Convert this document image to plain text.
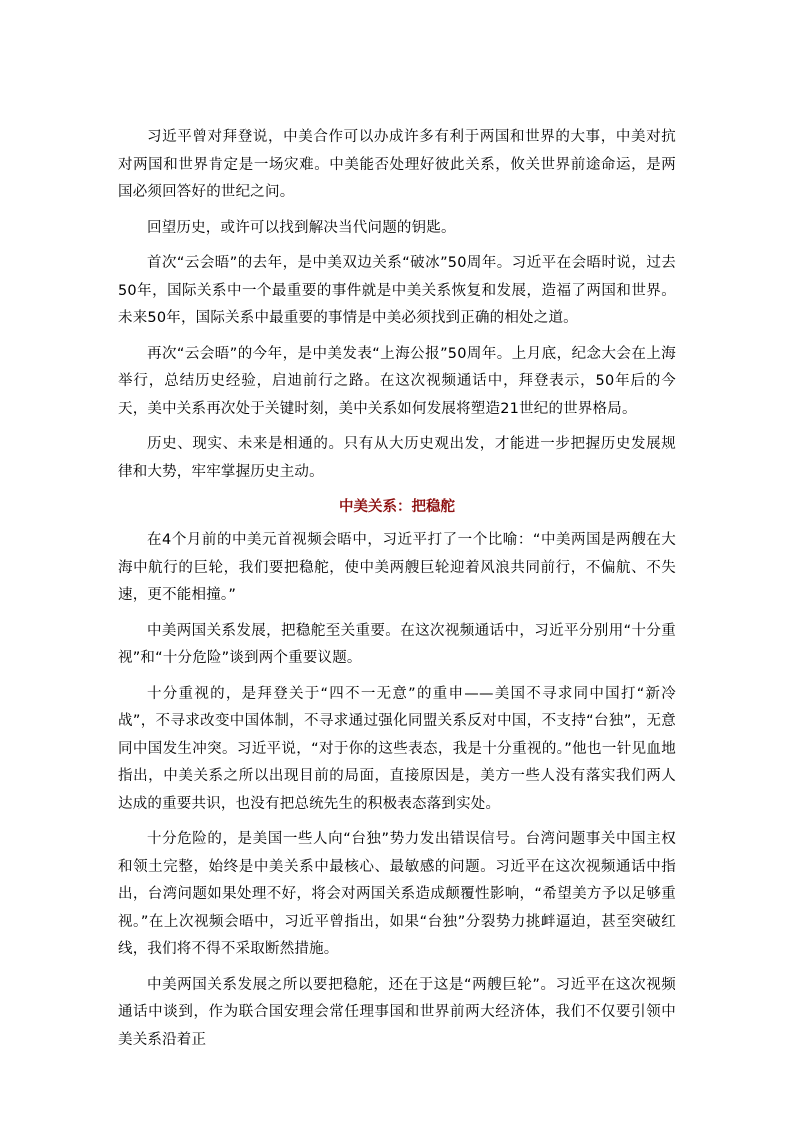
习近平曾对拜登说，中美合作可以办成许多有利于两国和世界的大事，中美对抗对两国和世界肯定是一场灾难。中美能否处理好彼此关系，攸关世界前途命运，是两国必须回答好的世纪之问。

回望历史，或许可以找到解决当代问题的钥匙。

首次“云会晤”的去年，是中美双边关系“破冰”50周年。习近平在会晤时说，过去50年，国际关系中一个最重要的事件就是中美关系恢复和发展，造福了两国和世界。未来50年，国际关系中最重要的事情是中美必须找到正确的相处之道。

再次“云会晤”的今年，是中美发表“上海公报”50周年。上月底，纪念大会在上海举行，总结历史经验，启迪前行之路。在这次视频通话中，拜登表示，50年后的今天，美中关系再次处于关键时刻，美中关系如何发展将塑造21世纪的世界格局。

历史、现实、未来是相通的。只有从大历史观出发，才能进一步把握历史发展规律和大势，牢牢掌握历史主动。

中美关系：把稳舵

在4个月前的中美元首视频会晤中，习近平打了一个比喻：“中美两国是两艘在大海中航行的巨轮，我们要把稳舵，使中美两艘巨轮迎着风浪共同前行，不偏航、不失速，更不能相撞。”

中美两国关系发展，把稳舵至关重要。在这次视频通话中，习近平分别用“十分重视”和“十分危险”谈到两个重要议题。

十分重视的，是拜登关于“四不一无意”的重申——美国不寻求同中国打“新冷战”，不寻求改变中国体制，不寻求通过强化同盟关系反对中国，不支持“台独”，无意同中国发生冲突。习近平说，“对于你的这些表态，我是十分重视的。”他也一针见血地指出，中美关系之所以出现目前的局面，直接原因是，美方一些人没有落实我们两人达成的重要共识，也没有把总统先生的积极表态落到实处。

十分危险的，是美国一些人向“台独”势力发出错误信号。台湾问题事关中国主权和领土完整，始终是中美关系中最核心、最敏感的问题。习近平在这次视频通话中指出，台湾问题如果处理不好，将会对两国关系造成颠覆性影响，“希望美方予以足够重视。”在上次视频会晤中，习近平曾指出，如果“台独”分裂势力挑衅逼迫，甚至突破红线，我们将不得不采取断然措施。

中美两国关系发展之所以要把稳舵，还在于这是“两艘巨轮”。习近平在这次视频通话中谈到，作为联合国安理会常任理事国和世界前两大经济体，我们不仅要引领中美关系沿着正
